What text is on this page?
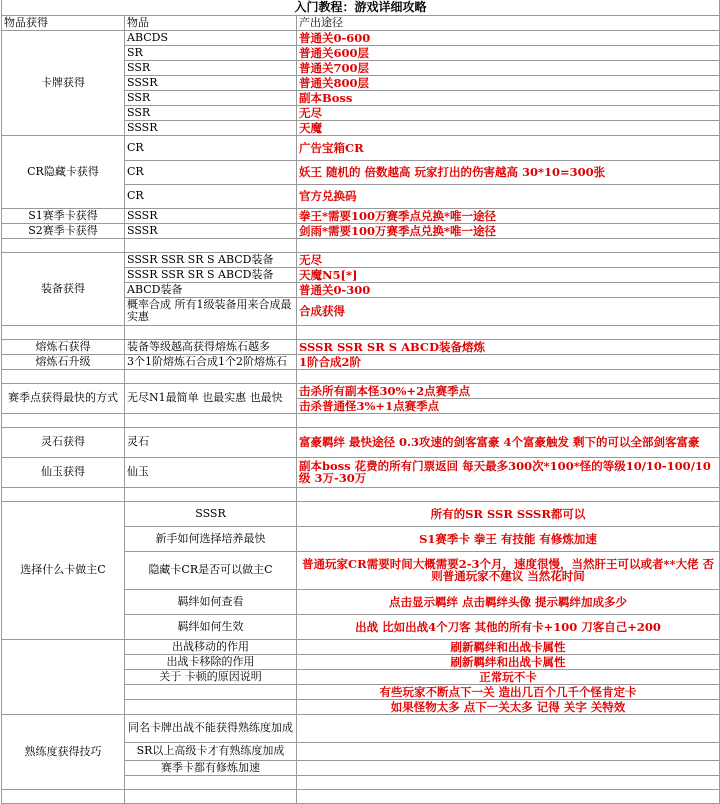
入门教程：游戏详细攻略		
物品获得	物品	产出途径
卡牌获得	ABCDS	普通关0-600
	SR	普通关600层
	SSR	普通关700层
	SSSR	普通关800层
	SSR	副本Boss
	SSR	无尽
	SSSR	天魔
CR隐藏卡获得	CR	广告宝箱CR
	CR	妖王 随机的 倍数越高 玩家打出的伤害越高 30*10=300张
	CR	官方兑换码
S1赛季卡获得	SSSR	拳王*需要100万赛季点兑换*唯一途径
S2赛季卡获得	SSSR	剑雨*需要100万赛季点兑换*唯一途径

装备获得	SSSR SSR SR S ABCD装备	无尽
	SSSR SSR SR S ABCD装备	天魔N5[*]
	ABCD装备	普通关0-300
	概率合成 所有1级装备用来合成最实惠	合成获得

熔炼石获得	装备等级越高获得熔炼石越多	SSSR SSR SR S ABCD装备熔炼
熔炼石升级	3个1阶熔炼石合成1个2阶熔炼石	1阶合成2阶

赛季点获得最快的方式	无尽N1最简单 也最实惠 也最快	击杀所有副本怪30%+2点赛季点
		击杀普通怪3%+1点赛季点

灵石获得	灵石	富豪羁绊 最快途径 0.3攻速的剑客富豪 4个富豪触发 剩下的可以全部剑客富豪
仙玉获得	仙玉	副本boss 花费的所有门票返回 每天最多300次*100*怪的等级10/10-100/10级 3万-30万

选择什么卡做主C	SSSR	所有的SR SSR SSSR都可以
	新手如何选择培养最快	S1赛季卡 拳王 有技能 有修炼加速
	隐藏卡CR是否可以做主C	普通玩家CR需要时间大概需要2-3个月，速度很慢，当然肝王可以或者**大佬 否则普通玩家不建议 当然花时间
	羁绊如何查看	点击显示羁绊 点击羁绊头像 提示羁绊加成多少
	羁绊如何生效	出战 比如出战4个刀客 其他的所有卡+100 刀客自己+200
	出战移动的作用	刷新羁绊和出战卡属性
	出战卡移除的作用	刷新羁绊和出战卡属性
	关于 卡顿的原因说明	正常玩不卡
		有些玩家不断点下一关 造出几百个几千个怪肯定卡
		如果怪物太多 点下一关太多 记得 关字 关特效
熟练度获得技巧	同名卡牌出战不能获得熟练度加成	
	SR以上高级卡才有熟练度加成	
	赛季卡都有修炼加速	
